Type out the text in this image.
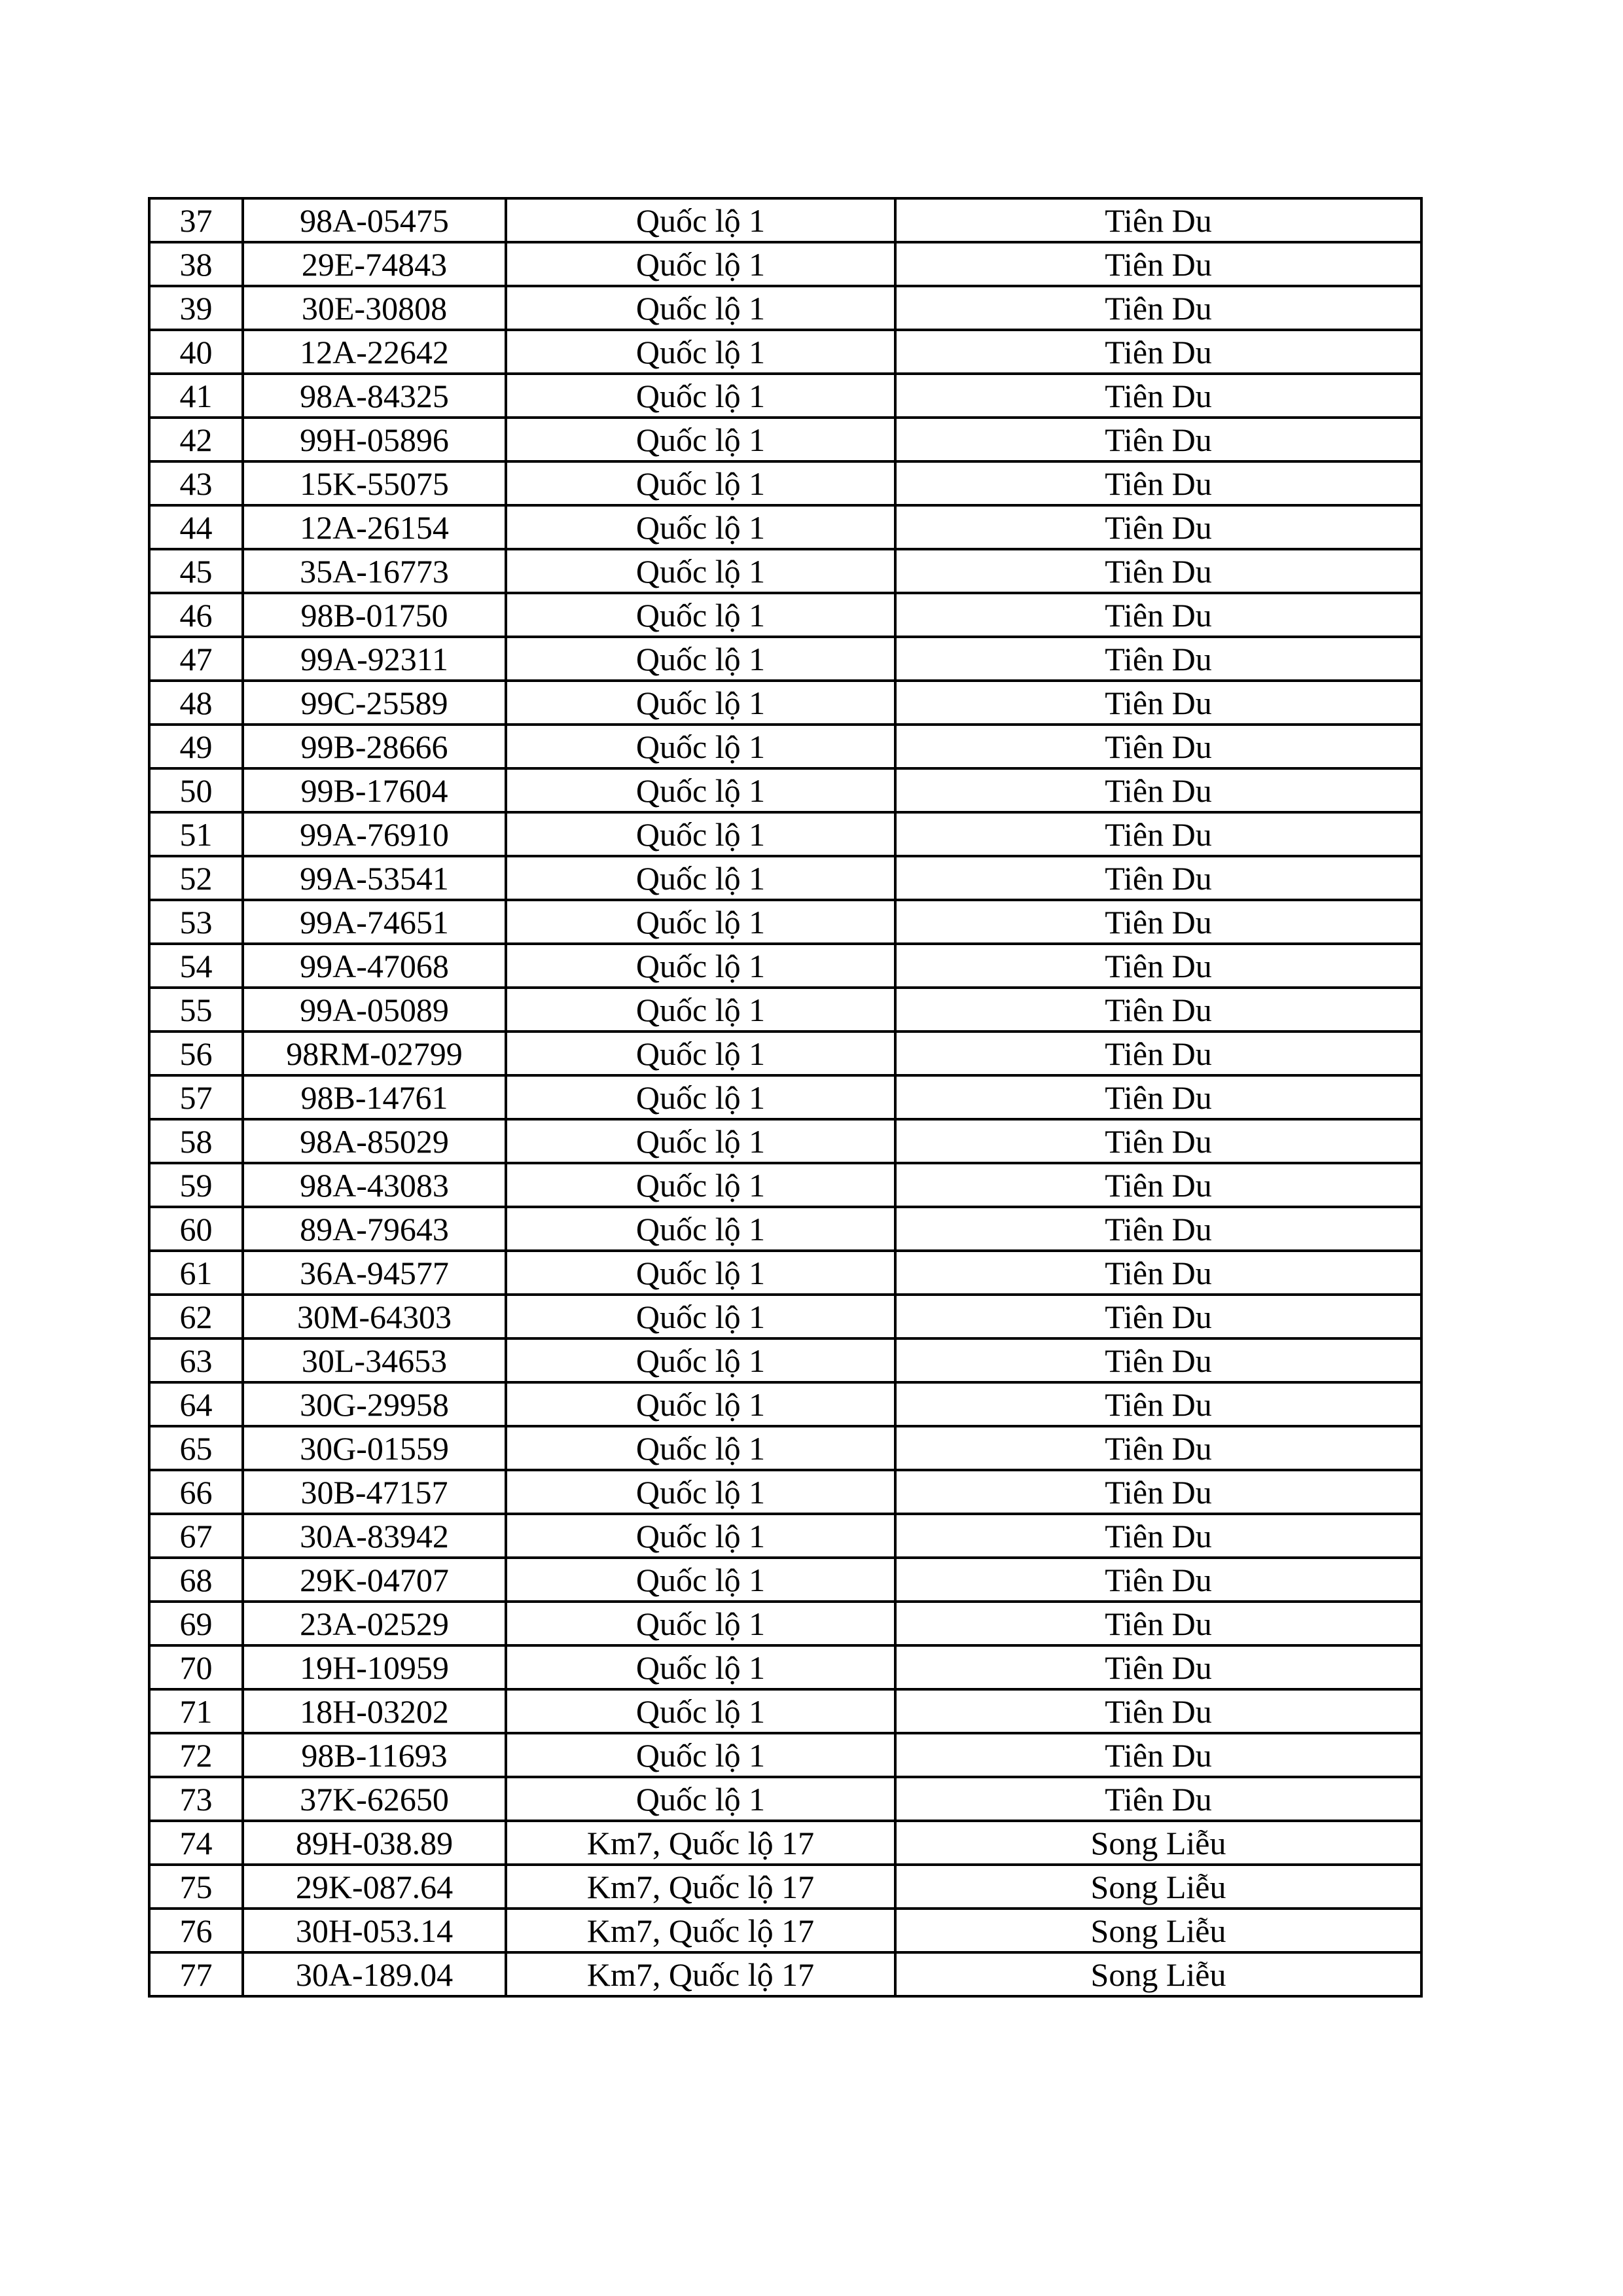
37	98A-05475	Quốc lộ 1	Tiên Du
38	29E-74843	Quốc lộ 1	Tiên Du
39	30E-30808	Quốc lộ 1	Tiên Du
40	12A-22642	Quốc lộ 1	Tiên Du
41	98A-84325	Quốc lộ 1	Tiên Du
42	99H-05896	Quốc lộ 1	Tiên Du
43	15K-55075	Quốc lộ 1	Tiên Du
44	12A-26154	Quốc lộ 1	Tiên Du
45	35A-16773	Quốc lộ 1	Tiên Du
46	98B-01750	Quốc lộ 1	Tiên Du
47	99A-92311	Quốc lộ 1	Tiên Du
48	99C-25589	Quốc lộ 1	Tiên Du
49	99B-28666	Quốc lộ 1	Tiên Du
50	99B-17604	Quốc lộ 1	Tiên Du
51	99A-76910	Quốc lộ 1	Tiên Du
52	99A-53541	Quốc lộ 1	Tiên Du
53	99A-74651	Quốc lộ 1	Tiên Du
54	99A-47068	Quốc lộ 1	Tiên Du
55	99A-05089	Quốc lộ 1	Tiên Du
56	98RM-02799	Quốc lộ 1	Tiên Du
57	98B-14761	Quốc lộ 1	Tiên Du
58	98A-85029	Quốc lộ 1	Tiên Du
59	98A-43083	Quốc lộ 1	Tiên Du
60	89A-79643	Quốc lộ 1	Tiên Du
61	36A-94577	Quốc lộ 1	Tiên Du
62	30M-64303	Quốc lộ 1	Tiên Du
63	30L-34653	Quốc lộ 1	Tiên Du
64	30G-29958	Quốc lộ 1	Tiên Du
65	30G-01559	Quốc lộ 1	Tiên Du
66	30B-47157	Quốc lộ 1	Tiên Du
67	30A-83942	Quốc lộ 1	Tiên Du
68	29K-04707	Quốc lộ 1	Tiên Du
69	23A-02529	Quốc lộ 1	Tiên Du
70	19H-10959	Quốc lộ 1	Tiên Du
71	18H-03202	Quốc lộ 1	Tiên Du
72	98B-11693	Quốc lộ 1	Tiên Du
73	37K-62650	Quốc lộ 1	Tiên Du
74	89H-038.89	Km7, Quốc lộ 17	Song Liễu
75	29K-087.64	Km7, Quốc lộ 17	Song Liễu
76	30H-053.14	Km7, Quốc lộ 17	Song Liễu
77	30A-189.04	Km7, Quốc lộ 17	Song Liễu
